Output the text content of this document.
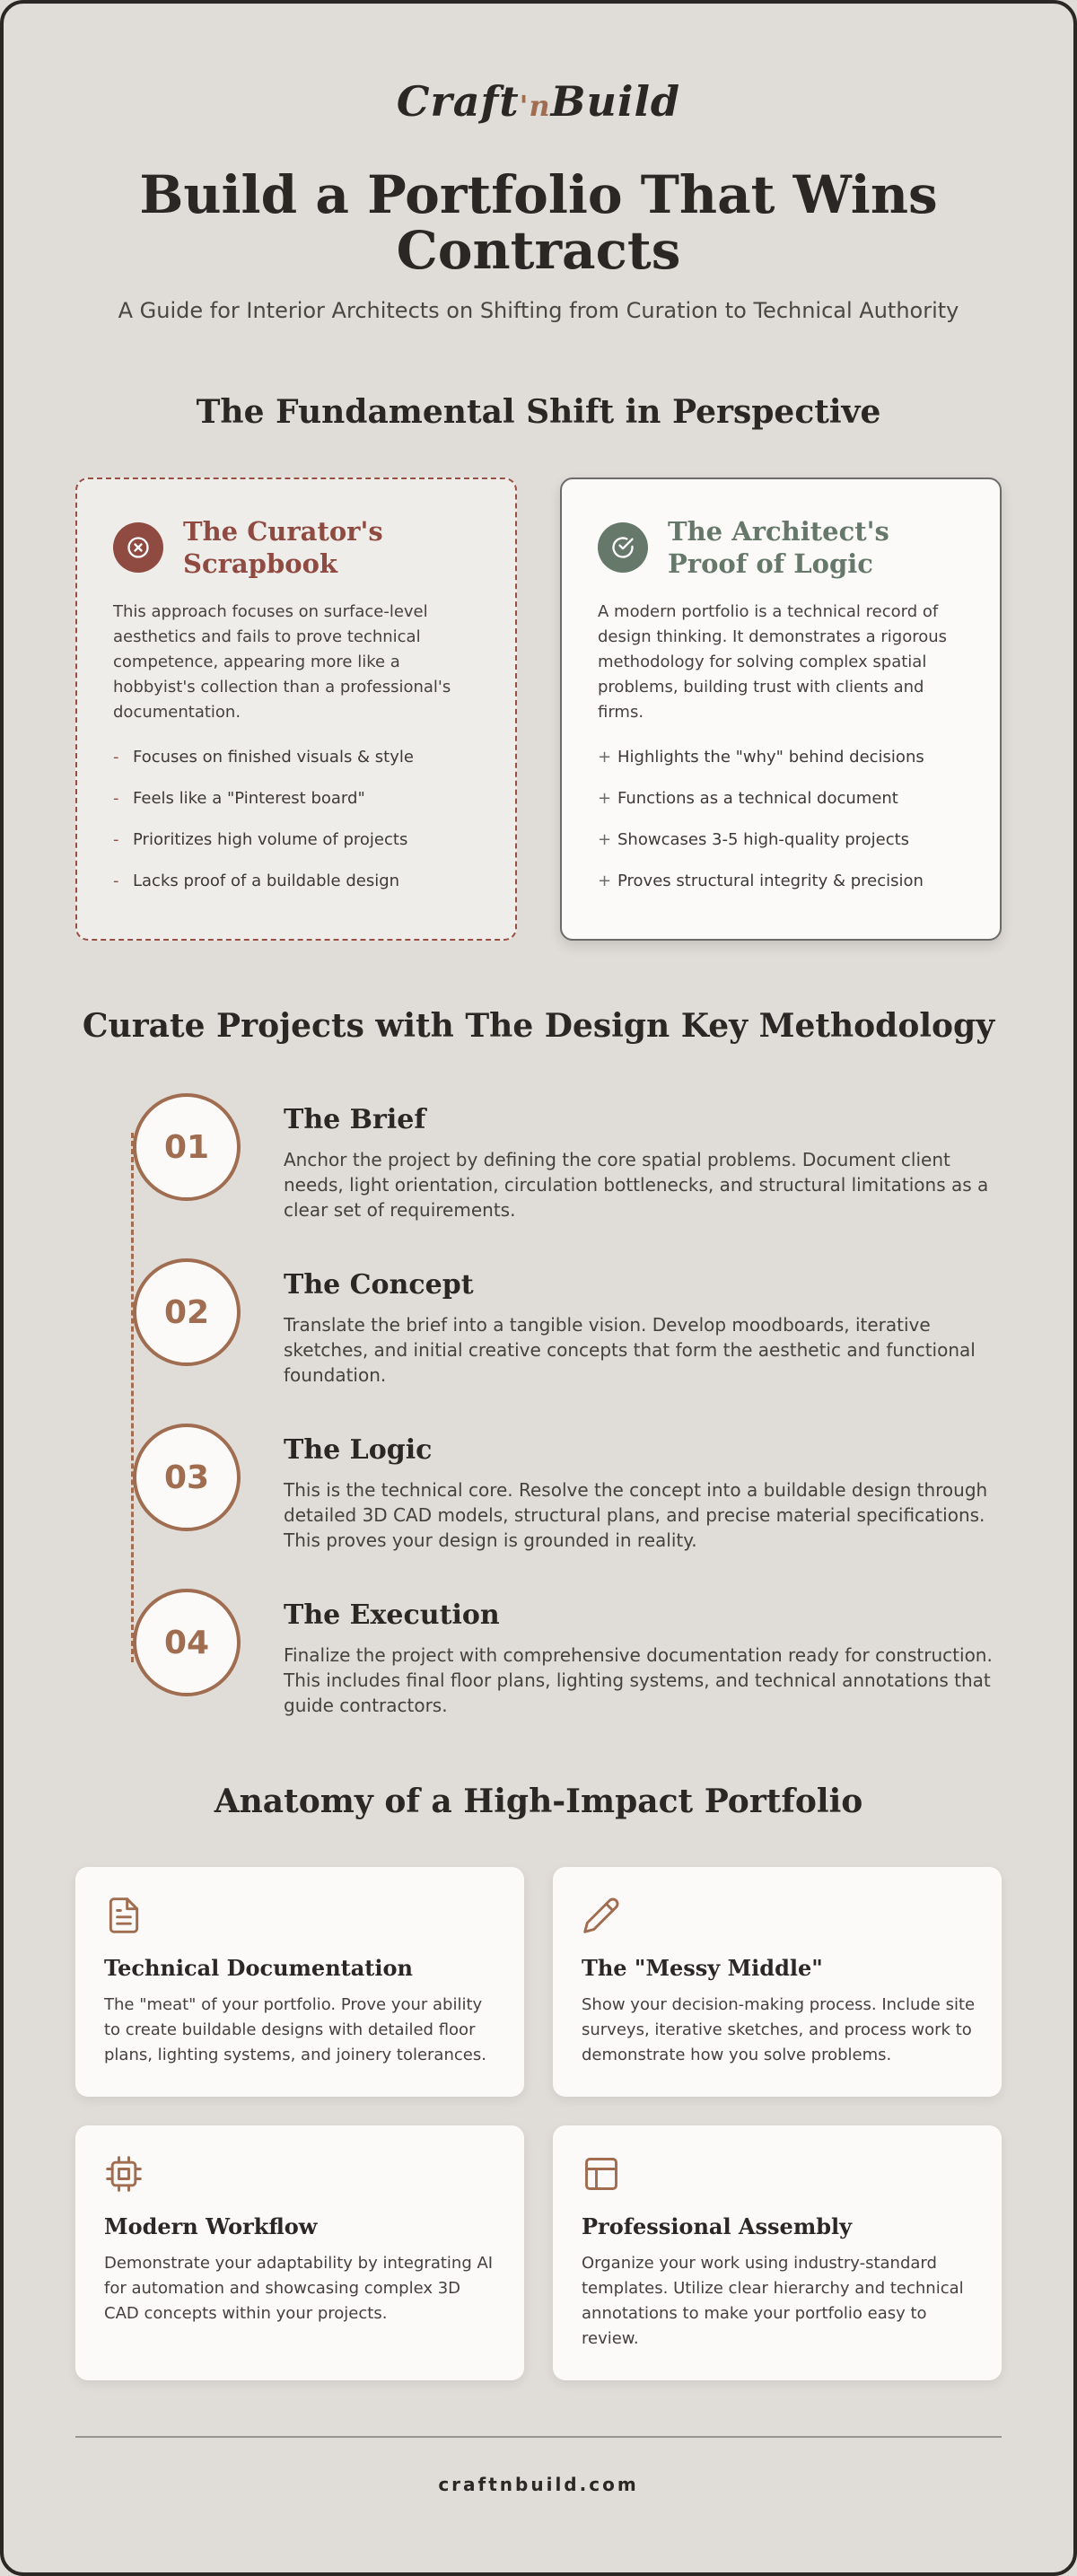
Craft'nBuild
Build a Portfolio That Wins Contracts
A Guide for Interior Architects on Shifting from Curation to Technical Authority
The Fundamental Shift in Perspective
The Curator's Scrapbook
This approach focuses on surface-level aesthetics and fails to prove technical competence, appearing more like a hobbyist's collection than a professional's documentation.
- Focuses on finished visuals & style
- Feels like a "Pinterest board"
- Prioritizes high volume of projects
- Lacks proof of a buildable design
The Architect's Proof of Logic
A modern portfolio is a technical record of design thinking. It demonstrates a rigorous methodology for solving complex spatial problems, building trust with clients and firms.
+ Highlights the "why" behind decisions
+ Functions as a technical document
+ Showcases 3-5 high-quality projects
+ Proves structural integrity & precision
Curate Projects with The Design Key Methodology
01
The Brief
Anchor the project by defining the core spatial problems. Document client needs, light orientation, circulation bottlenecks, and structural limitations as a clear set of requirements.
02
The Concept
Translate the brief into a tangible vision. Develop moodboards, iterative sketches, and initial creative concepts that form the aesthetic and functional foundation.
03
The Logic
This is the technical core. Resolve the concept into a buildable design through detailed 3D CAD models, structural plans, and precise material specifications. This proves your design is grounded in reality.
04
The Execution
Finalize the project with comprehensive documentation ready for construction. This includes final floor plans, lighting systems, and technical annotations that guide contractors.
Anatomy of a High-Impact Portfolio
Technical Documentation
The "meat" of your portfolio. Prove your ability to create buildable designs with detailed floor plans, lighting systems, and joinery tolerances.
The "Messy Middle"
Show your decision-making process. Include site surveys, iterative sketches, and process work to demonstrate how you solve problems.
Modern Workflow
Demonstrate your adaptability by integrating AI for automation and showcasing complex 3D CAD concepts within your projects.
Professional Assembly
Organize your work using industry-standard templates. Utilize clear hierarchy and technical annotations to make your portfolio easy to review.
craftnbuild.com
